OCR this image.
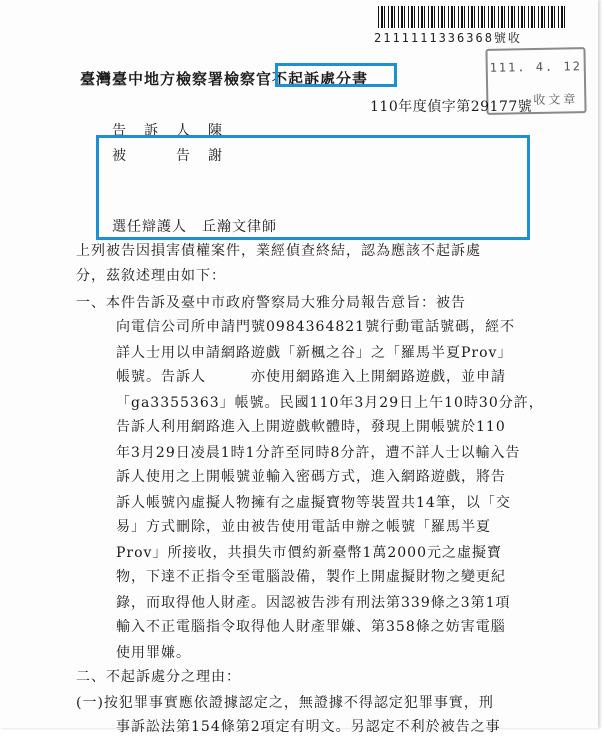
2111111336368號收
111. 4. 12
收文章
臺灣臺中地方檢察署檢察官不起訴處分書
110年度偵字第29177號
告　訴　人　陳
被　　　告　謝
選任辯護人　丘瀚文律師
上列被告因損害債權案件，業經偵查終結，認為應該不起訴處
分，茲敘述理由如下：
一、本件告訴及臺中市政府警察局大雅分局報告意旨：被告
向電信公司所申請門號0984364821號行動電話號碼，經不
詳人士用以申請網路遊戲「新楓之谷」之「羅馬半夏Prov」
帳號。告訴人　　　亦使用網路進入上開網路遊戲，並申請
「ga3355363」帳號。民國110年3月29日上午10時30分許，
告訴人利用網路進入上開遊戲軟體時，發現上開帳號於110
年3月29日凌晨1時1分許至同時8分許，遭不詳人士以輸入告
訴人使用之上開帳號並輸入密碼方式，進入網路遊戲，將告
訴人帳號內虛擬人物擁有之虛擬寶物等裝置共14筆，以「交
易」方式刪除，並由被告使用電話申辦之帳號「羅馬半夏
Prov」所接收，共損失市價約新臺幣1萬2000元之虛擬寶
物，下達不正指令至電腦設備，製作上開虛擬財物之變更紀
錄，而取得他人財產。因認被告涉有刑法第339條之3第1項
輸入不正電腦指令取得他人財產罪嫌、第358條之妨害電腦
使用罪嫌。
二、不起訴處分之理由：
(一)按犯罪事實應依證據認定之，無證據不得認定犯罪事實，刑
事訴訟法第154條第2項定有明文。另認定不利於被告之事
